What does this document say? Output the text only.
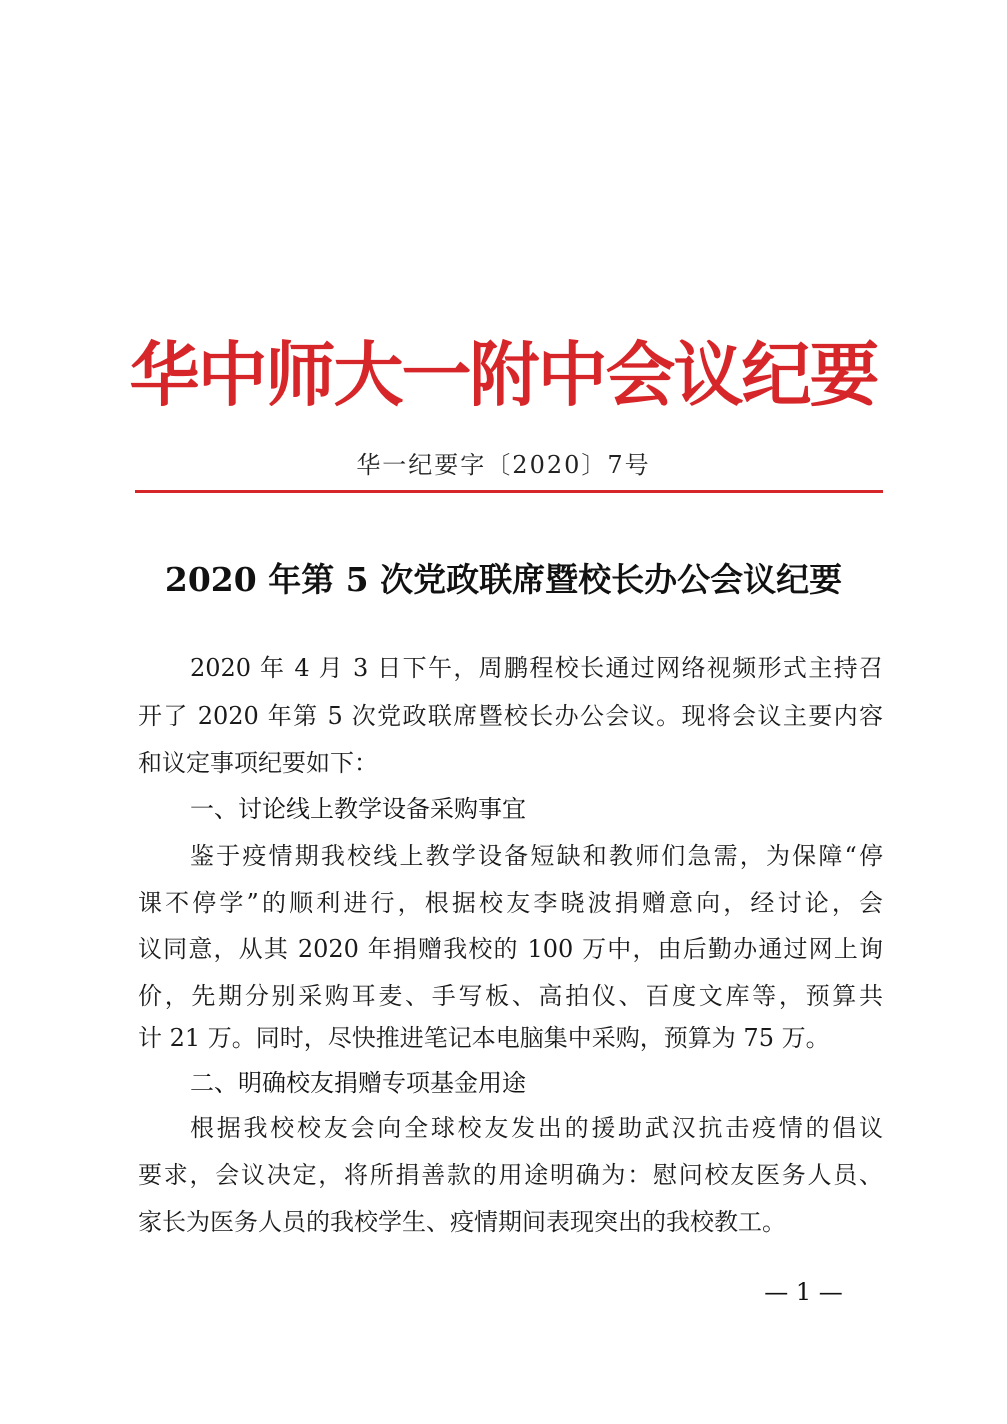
华中师大一附中会议纪要
华一纪要字〔2020〕7号
2020 年第 5 次党政联席暨校长办公会议纪要
2020 年 4 月 3 日下午，周鹏程校长通过网络视频形式主持召
开了 2020 年第 5 次党政联席暨校长办公会议。现将会议主要内容
和议定事项纪要如下：
一、讨论线上教学设备采购事宜
鉴于疫情期我校线上教学设备短缺和教师们急需，为保障“停
课不停学”的顺利进行，根据校友李晓波捐赠意向，经讨论，会
议同意，从其 2020 年捐赠我校的 100 万中，由后勤办通过网上询
价，先期分别采购耳麦、手写板、高拍仪、百度文库等，预算共
计 21 万。同时，尽快推进笔记本电脑集中采购，预算为 75 万。
二、明确校友捐赠专项基金用途
根据我校校友会向全球校友发出的援助武汉抗击疫情的倡议
要求，会议决定，将所捐善款的用途明确为：慰问校友医务人员、
家长为医务人员的我校学生、疫情期间表现突出的我校教工。
— 1 —
